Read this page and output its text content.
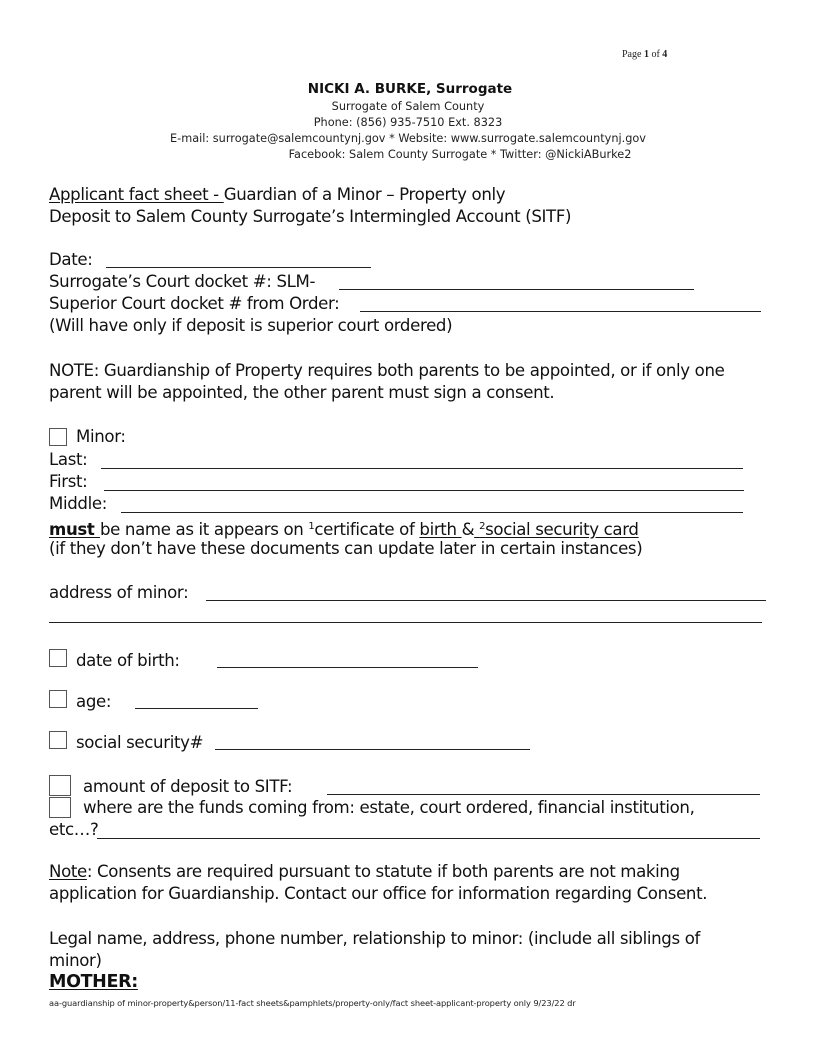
Page 1 of 4
NICKI A. BURKE, Surrogate
Surrogate of Salem County
Phone: (856) 935-7510 Ext. 8323
E-mail: surrogate@salemcountynj.gov * Website: www.surrogate.salemcountynj.gov
Facebook: Salem County Surrogate * Twitter: @NickiABurke2
Applicant fact sheet - Guardian of a Minor – Property only
Deposit to Salem County Surrogate’s Intermingled Account (SITF)
Date:
Surrogate’s Court docket #: SLM-
Superior Court docket # from Order:
(Will have only if deposit is superior court ordered)
NOTE: Guardianship of Property requires both parents to be appointed, or if only one
parent will be appointed, the other parent must sign a consent.
Minor:
Last:
First:
Middle:
must be name as it appears on $^1$certificate of birth & $^2$social security card
(if they don’t have these documents can update later in certain instances)
address of minor:
date of birth:
age:
social security#
amount of deposit to SITF:
where are the funds coming from: estate, court ordered, financial institution,
etc…?
Note: Consents are required pursuant to statute if both parents are not making
application for Guardianship. Contact our office for information regarding Consent.
Legal name, address, phone number, relationship to minor: (include all siblings of
minor)
MOTHER:
aa-guardianship of minor-property&person/11-fact sheets&pamphlets/property-only/fact sheet-applicant-property only 9/23/22 dr
